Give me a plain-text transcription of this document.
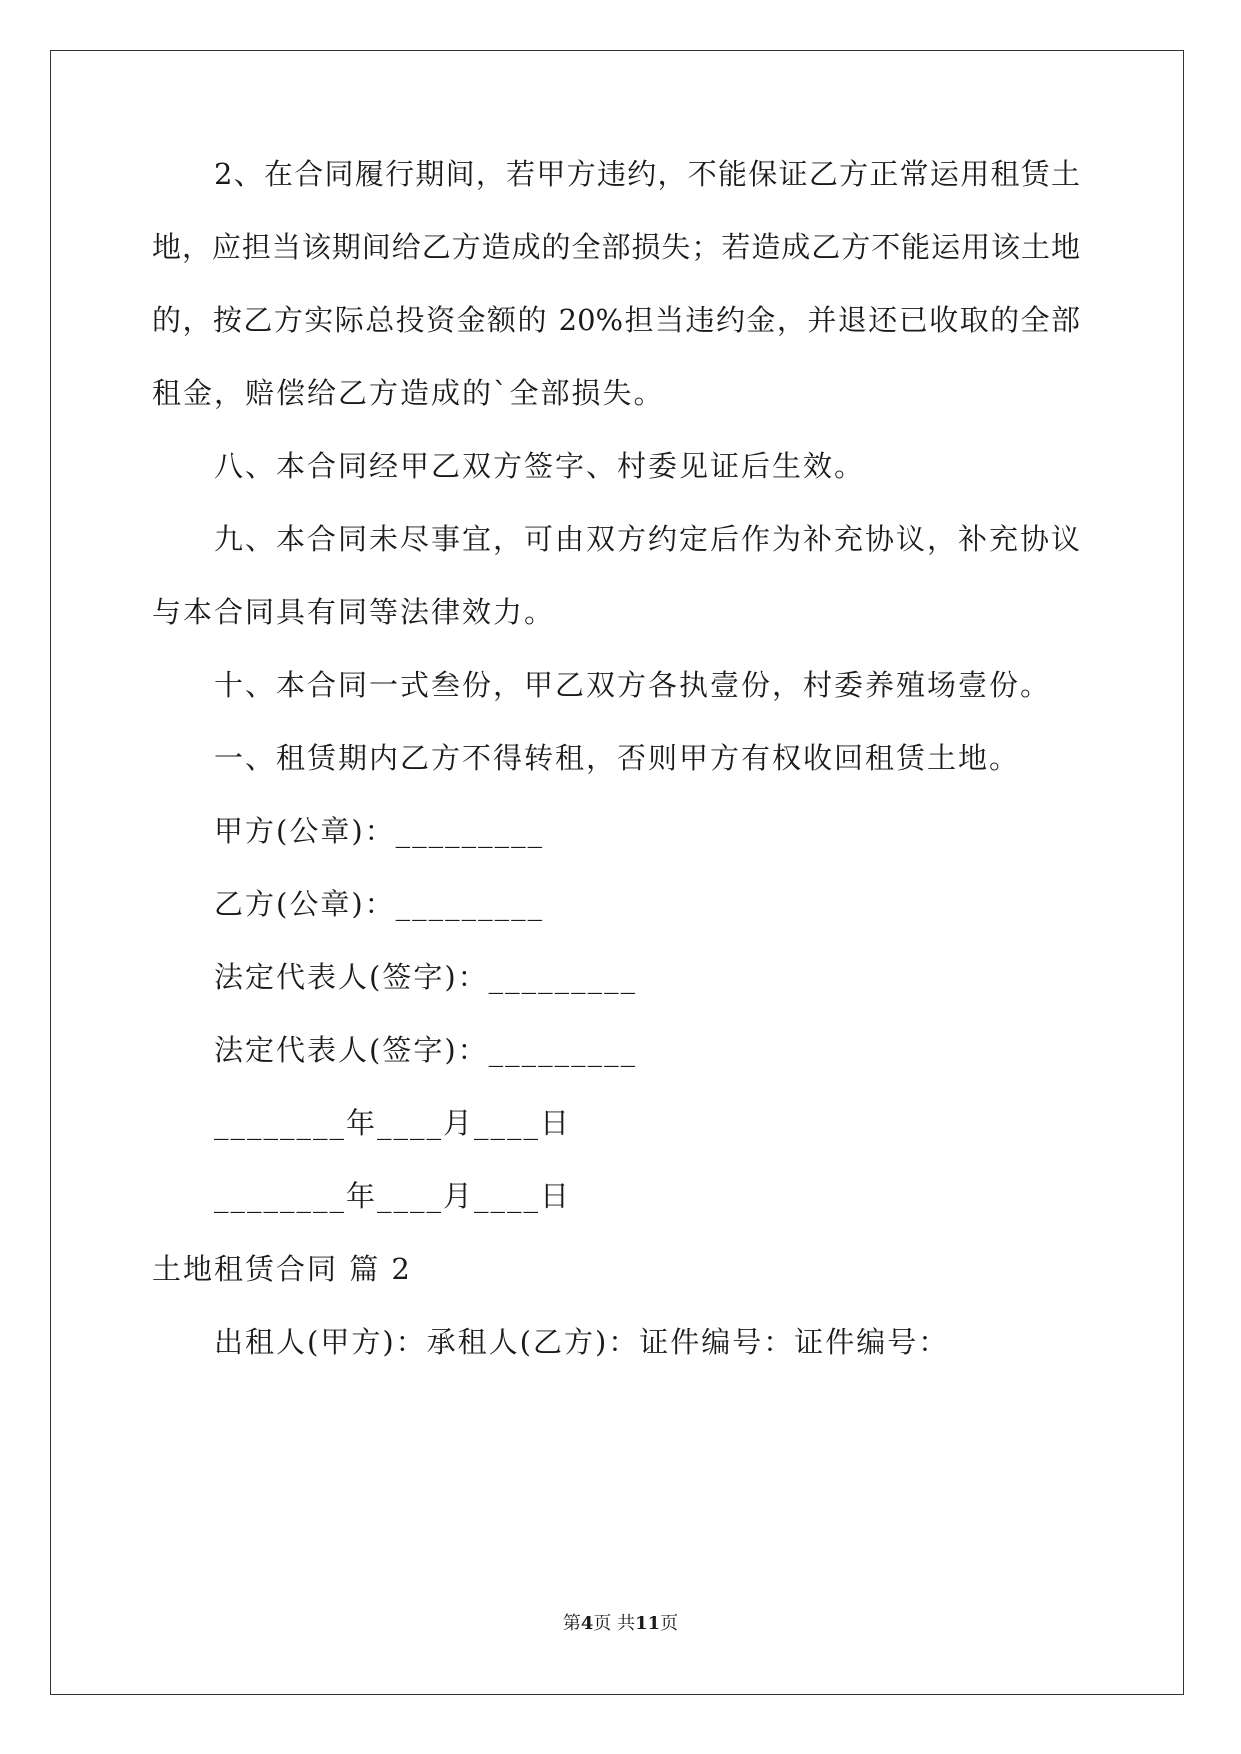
2、在合同履行期间，若甲方违约，不能保证乙方正常运用租赁土
地，应担当该期间给乙方造成的全部损失；若造成乙方不能运用该土地
的，按乙方实际总投资金额的 20%担当违约金，并退还已收取的全部
租金，赔偿给乙方造成的`全部损失。
八、本合同经甲乙双方签字、村委见证后生效。
九、本合同未尽事宜，可由双方约定后作为补充协议，补充协议
与本合同具有同等法律效力。
十、本合同一式叁份，甲乙双方各执壹份，村委养殖场壹份。
一、租赁期内乙方不得转租，否则甲方有权收回租赁土地。
甲方(公章)：_________
乙方(公章)：_________
法定代表人(签字)：_________
法定代表人(签字)：_________
________年____月____日
________年____月____日
土地租赁合同 篇 2
出租人(甲方)：承租人(乙方)：证件编号：证件编号：
第4页 共11页
